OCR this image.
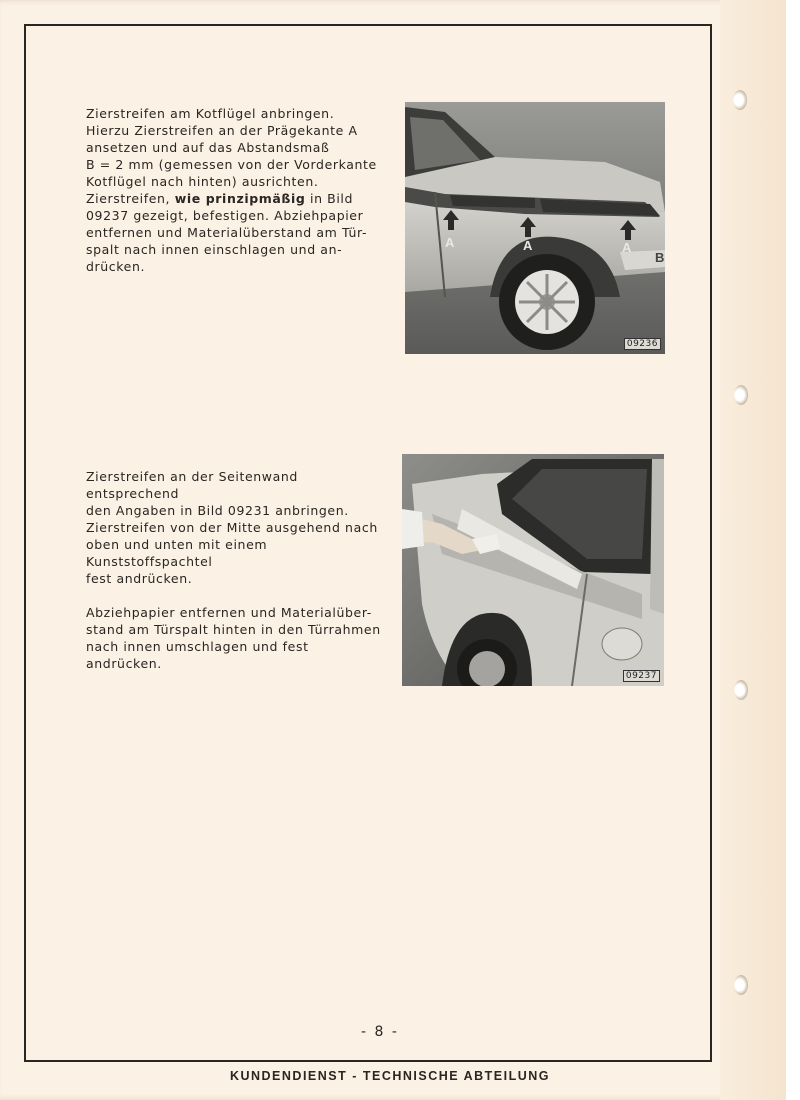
Zierstreifen am Kotflügel anbringen.

Hierzu Zierstreifen an der Prägekante A

ansetzen und auf das Abstandsmaß

B = 2 mm (gemessen von der Vorderkante

Kotflügel nach hinten) ausrichten.

Zierstreifen, wie prinzipmäßig in Bild

09237 gezeigt, befestigen. Abziehpapier

entfernen und Materialüberstand am Tür-

spalt nach innen einschlagen und an-

drücken.

A	A	A
B
09236

Zierstreifen an der Seitenwand entsprechend

den Angaben in Bild 09231 anbringen.

Zierstreifen von der Mitte ausgehend nach

oben und unten mit einem Kunststoffspachtel

fest andrücken.

Abziehpapier entfernen und Materialüber-

stand am Türspalt hinten in den Türrahmen

nach innen umschlagen und fest andrücken.

09237
- 8 -
KUNDENDIENST - TECHNISCHE ABTEILUNG
